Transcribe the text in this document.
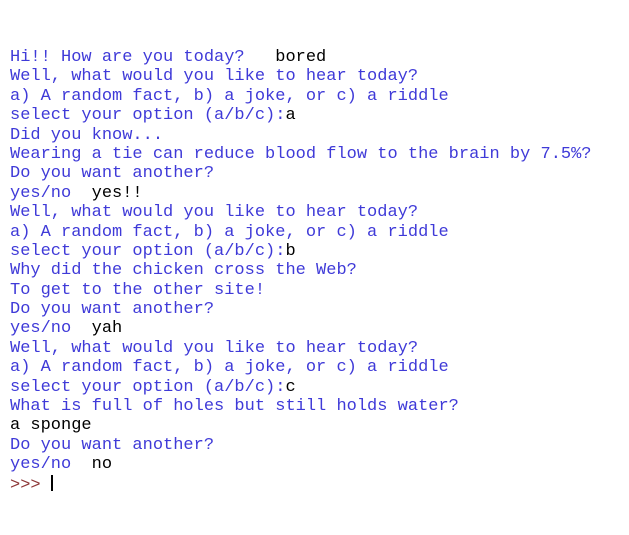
Hi!! How are you today?   bored
Well, what would you like to hear today?
a) A random fact, b) a joke, or c) a riddle
select your option (a/b/c):a
Did you know...
Wearing a tie can reduce blood flow to the brain by 7.5%?
Do you want another?
yes/no  yes!!
Well, what would you like to hear today?
a) A random fact, b) a joke, or c) a riddle
select your option (a/b/c):b
Why did the chicken cross the Web?
To get to the other site!
Do you want another?
yes/no  yah
Well, what would you like to hear today?
a) A random fact, b) a joke, or c) a riddle
select your option (a/b/c):c
What is full of holes but still holds water?
a sponge
Do you want another?
yes/no  no
>>>
